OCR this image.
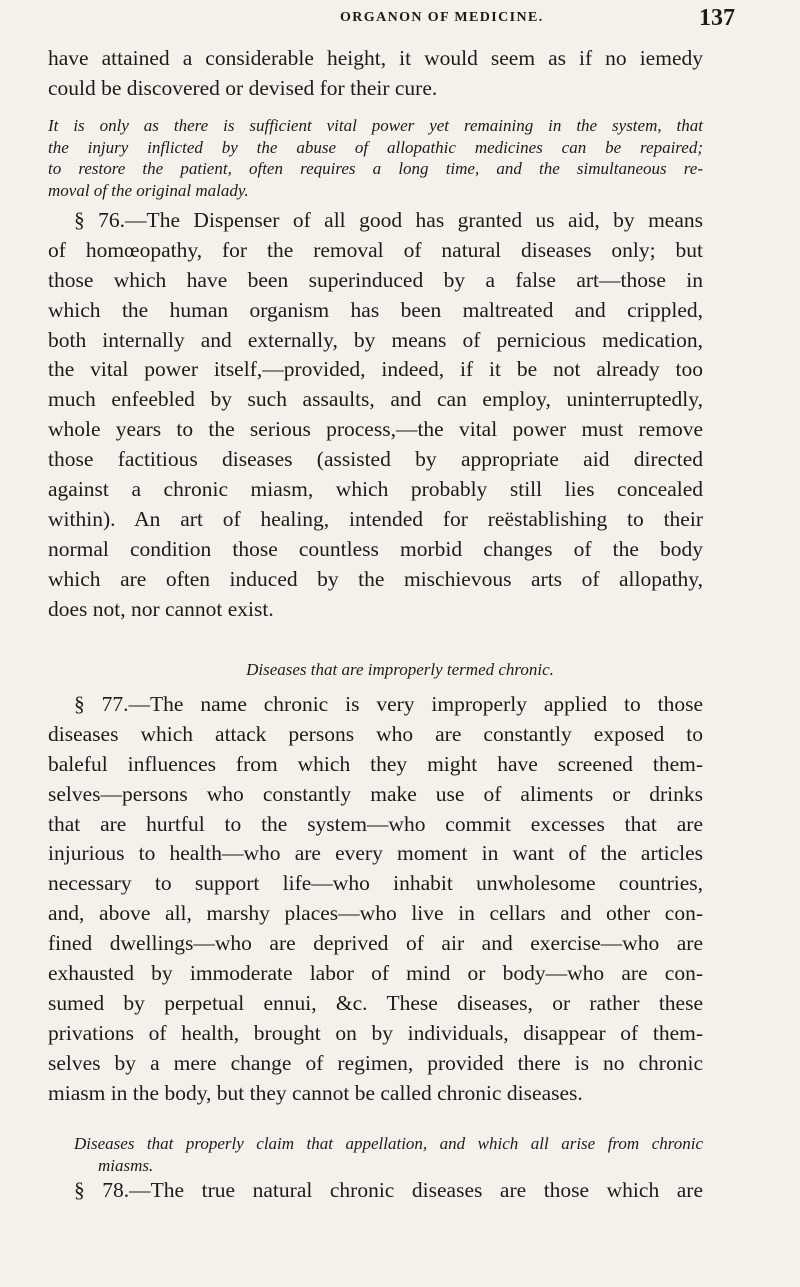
ORGANON OF MEDICINE.	137
have attained a considerable height, it would seem as if no iemedy
could be discovered or devised for their cure.
It is only as there is sufficient vital power yet remaining in the system, that
the injury inflicted by the abuse of allopathic medicines can be repaired;
to restore the patient, often requires a long time, and the simultaneous re-
moval of the original malady.
§ 76.—The Dispenser of all good has granted us aid, by means
of homœopathy, for the removal of natural diseases only; but
those which have been superinduced by a false art—those in
which the human organism has been maltreated and crippled,
both internally and externally, by means of pernicious medication,
the vital power itself,—provided, indeed, if it be not already too
much enfeebled by such assaults, and can employ, uninterruptedly,
whole years to the serious process,—the vital power must remove
those factitious diseases (assisted by appropriate aid directed
against a chronic miasm, which probably still lies concealed
within). An art of healing, intended for reëstablishing to their
normal condition those countless morbid changes of the body
which are often induced by the mischievous arts of allopathy,
does not, nor cannot exist.
Diseases that are improperly termed chronic.
§ 77.—The name chronic is very improperly applied to those
diseases which attack persons who are constantly exposed to
baleful influences from which they might have screened them-
selves—persons who constantly make use of aliments or drinks
that are hurtful to the system—who commit excesses that are
injurious to health—who are every moment in want of the articles
necessary to support life—who inhabit unwholesome countries,
and, above all, marshy places—who live in cellars and other con-
fined dwellings—who are deprived of air and exercise—who are
exhausted by immoderate labor of mind or body—who are con-
sumed by perpetual ennui, &c. These diseases, or rather these
privations of health, brought on by individuals, disappear of them-
selves by a mere change of regimen, provided there is no chronic
miasm in the body, but they cannot be called chronic diseases.
Diseases that properly claim that appellation, and which all arise from chronic
miasms.
§ 78.—The true natural chronic diseases are those which are
